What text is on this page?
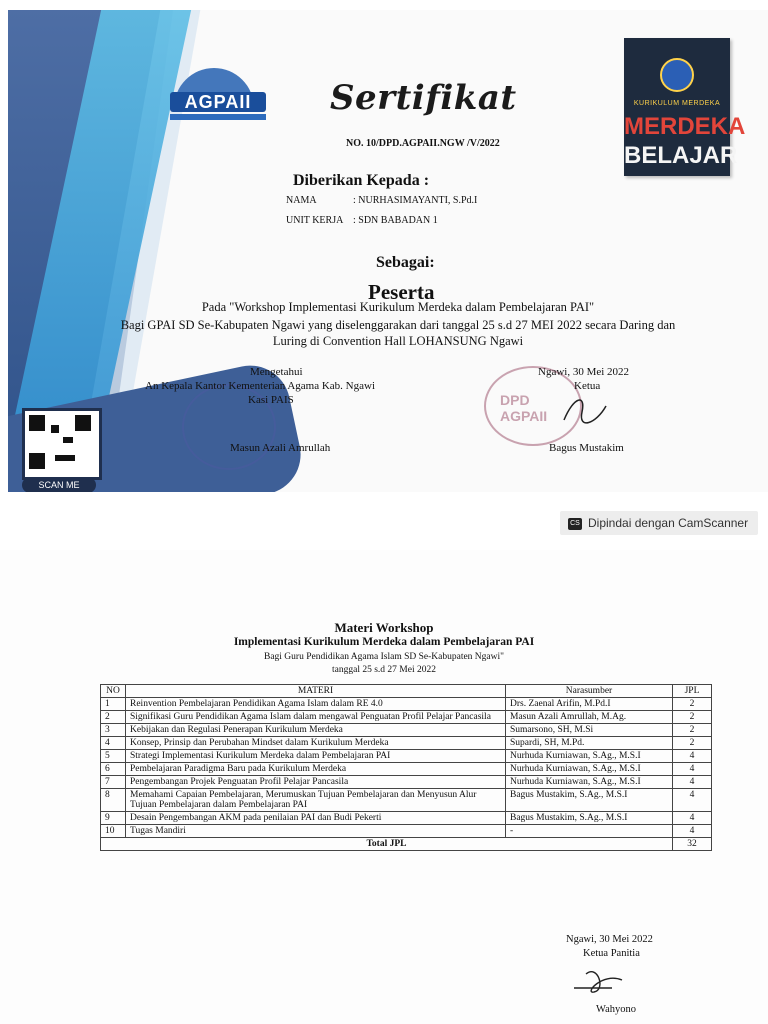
AGPAII	Sertifikat
NO. 10/DPD.AGPAII.NGW /V/2022
KURIKULUM MERDEKA
MERDEKA
BELAJAR
Diberikan Kepada :
NAMA	: NURHASIMAYANTI, S.Pd.I
UNIT KERJA : SDN BABADAN 1
Sebagai:
Peserta
Pada "Workshop Implementasi Kurikulum Merdeka dalam Pembelajaran PAI"
Bagi GPAI SD Se-Kabupaten Ngawi yang diselenggarakan dari tanggal 25 s.d 27 MEI 2022 secara Daring dan
Luring di Convention Hall LOHANSUNG Ngawi
Mengetahui
An Kepala Kantor Kementerian Agama Kab. Ngawi
Kasi PAIS
Masun Azali Amrullah
DPD AGPAII
Ngawi, 30 Mei 2022
Ketua
Bagus Mustakim
SCAN ME
CS Dipindai dengan CamScanner
Materi Workshop
Implementasi Kurikulum Merdeka dalam Pembelajaran PAI
Bagi Guru Pendidikan Agama Islam SD Se-Kabupaten Ngawi"
tanggal 25 s.d 27 Mei 2022
NO	MATERI	Narasumber	JPL
1	Reinvention Pembelajaran Pendidikan Agama Islam dalam RE 4.0	Drs. Zaenal Arifin, M.Pd.I	2
2	Signifikasi Guru Pendidikan Agama Islam dalam mengawal Penguatan Profil Pelajar Pancasila	Masun Azali Amrullah, M.Ag.	2
3	Kebijakan dan Regulasi Penerapan Kurikulum Merdeka	Sumarsono, SH, M.Si	2
4	Konsep, Prinsip dan Perubahan Mindset dalam Kurikulum Merdeka	Supardi, SH, M.Pd.	2
5	Strategi Implementasi Kurikulum Merdeka dalam Pembelajaran PAI	Nurhuda Kurniawan, S.Ag., M.S.I	4
6	Pembelajaran Paradigma Baru pada Kurikulum Merdeka	Nurhuda Kurniawan, S.Ag., M.S.I	4
7	Pengembangan Projek Penguatan Profil Pelajar Pancasila	Nurhuda Kurniawan, S.Ag., M.S.I	4
8	Memahami Capaian Pembelajaran, Merumuskan Tujuan Pembelajaran dan Menyusun Alur Tujuan Pembelajaran dalam Pembelajaran PAI	Bagus Mustakim, S.Ag., M.S.I	4
9	Desain Pengembangan AKM pada penilaian PAI dan Budi Pekerti	Bagus Mustakim, S.Ag., M.S.I	4
10	Tugas Mandiri	-	4
Total JPL			32
Ngawi, 30 Mei 2022
Ketua Panitia
Wahyono
